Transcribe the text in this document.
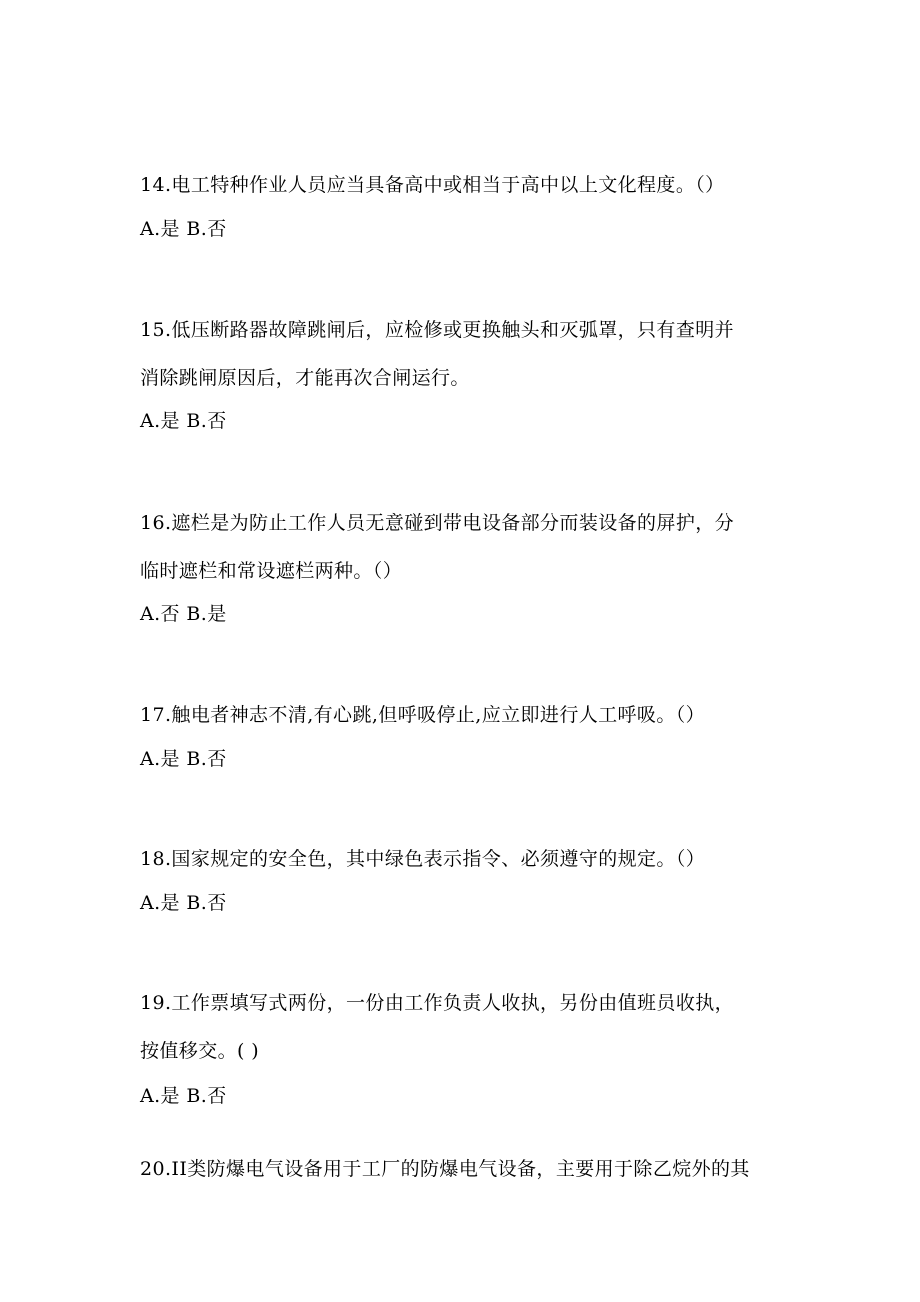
14.电工特种作业人员应当具备高中或相当于高中以上文化程度。（）
A.是 B.否
15.低压断路器故障跳闸后，应检修或更换触头和灭弧罩，只有查明并
消除跳闸原因后，才能再次合闸运行。
A.是 B.否
16.遮栏是为防止工作人员无意碰到带电设备部分而装设备的屏护，分
临时遮栏和常设遮栏两种。（）
A.否 B.是
17.触电者神志不清,有心跳,但呼吸停止,应立即进行人工呼吸。（）
A.是 B.否
18.国家规定的安全色，其中绿色表示指令、必须遵守的规定。（）
A.是 B.否
19.工作票填写式两份，一份由工作负责人收执，另份由值班员收执，
按值移交。( )
A.是 B.否
20.II类防爆电气设备用于工厂的防爆电气设备，主要用于除乙烷外的其
